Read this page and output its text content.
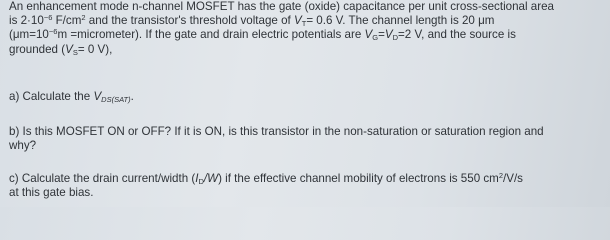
An enhancement mode n-channel MOSFET has the gate (oxide) capacitance per unit cross-sectional area
is $2\cdot 10^{-6}$ $F/cm^2$ and the transistor's threshold voltage of $V_T= 0.6$ V. The channel length is 20 μm
($\mu m=10^{-6}m$ =micrometer). If the gate and drain electric potentials are $V_G=V_D=2$ V, and the source is
grounded ($V_S= 0$ V),
a) Calculate the $V_{DS(SAT)}$.
b) Is this MOSFET ON or OFF? If it is ON, is this transistor in the non-saturation or saturation region and
why?
c) Calculate the drain current/width $(I_D/W)$ if the effective channel mobility of electrons is 550 $cm^2/V/s$
at this gate bias.
